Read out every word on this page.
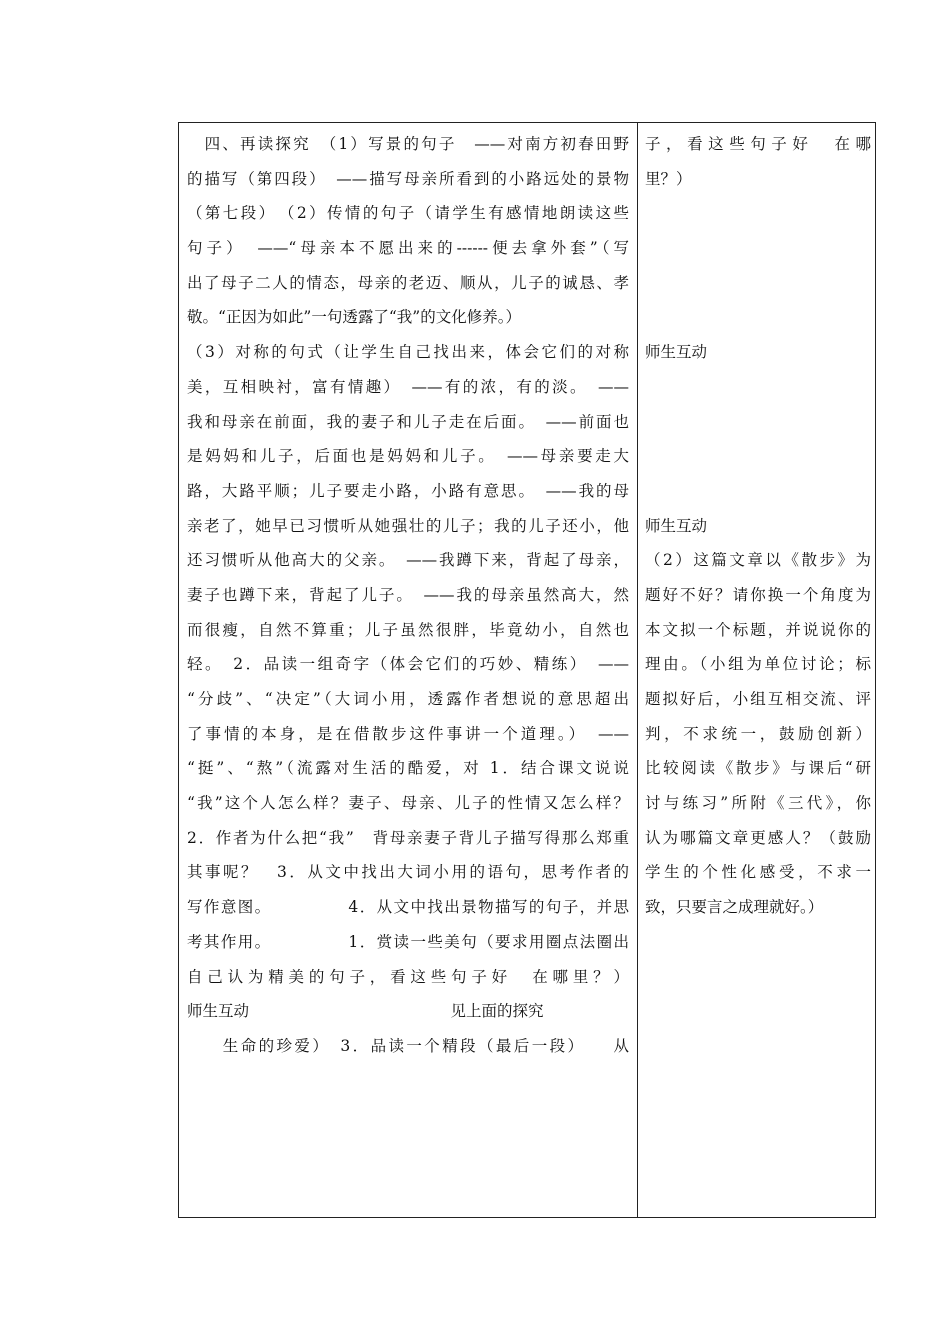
　四、再读探究　（1）写景的句子　——对南方初春田野
的描写（第四段）　——描写母亲所看到的小路远处的景物
（第七段）　（2）传情的句子（请学生有感情地朗读这些
句子）　——“母亲本不愿出来的------便去拿外套”（写
出了母子二人的情态，母亲的老迈、顺从，儿子的诚恳、孝
敬。“正因为如此”一句透露了“我”的文化修养。）
（3）对称的句式（让学生自己找出来，体会它们的对称
美，互相映衬，富有情趣）　——有的浓，有的淡。　——
我和母亲在前面，我的妻子和儿子走在后面。　——前面也
是妈妈和儿子，后面也是妈妈和儿子。　——母亲要走大
路，大路平顺；儿子要走小路，小路有意思。　——我的母
亲老了，她早已习惯听从她强壮的儿子；我的儿子还小，他
还习惯听从他高大的父亲。　——我蹲下来，背起了母亲，
妻子也蹲下来，背起了儿子。　——我的母亲虽然高大，然
而很瘦，自然不算重；儿子虽然很胖，毕竟幼小，自然也
轻。　2．品读一组奇字（体会它们的巧妙、精练）　——
“分歧”、“决定”（大词小用，透露作者想说的意思超出
了事情的本身，是在借散步这件事讲一个道理。）　——
“挺”、“熬”（流露对生活的酷爱，对 1．结合课文说说
“我”这个人怎么样？妻子、母亲、儿子的性情又怎么样？
2．作者为什么把“我”　背母亲妻子背儿子描写得那么郑重
其事呢？　3．从文中找出大词小用的语句，思考作者的
写作意图。　　　　　4．从文中找出景物描写的句子，并思
考其作用。　　　　　1．赏读一些美句（要求用圈点法圈出
自己认为精美的句子，看这些句子好　在哪里？）
师生互动　　　　　　　　　　　　　见上面的探究
　　生命的珍爱）　3．品读一个精段（最后一段）　　从
子，看这些句子好　在哪
里？）
师生互动
师生互动
（2）这篇文章以《散步》为
题好不好？请你换一个角度为
本文拟一个标题，并说说你的
理由。（小组为单位讨论；标
题拟好后，小组互相交流、评
判，不求统一，鼓励创新）
比较阅读《散步》与课后“研
讨与练习”所附《三代》，你
认为哪篇文章更感人？（鼓励
学生的个性化感受，不求一
致，只要言之成理就好。）
